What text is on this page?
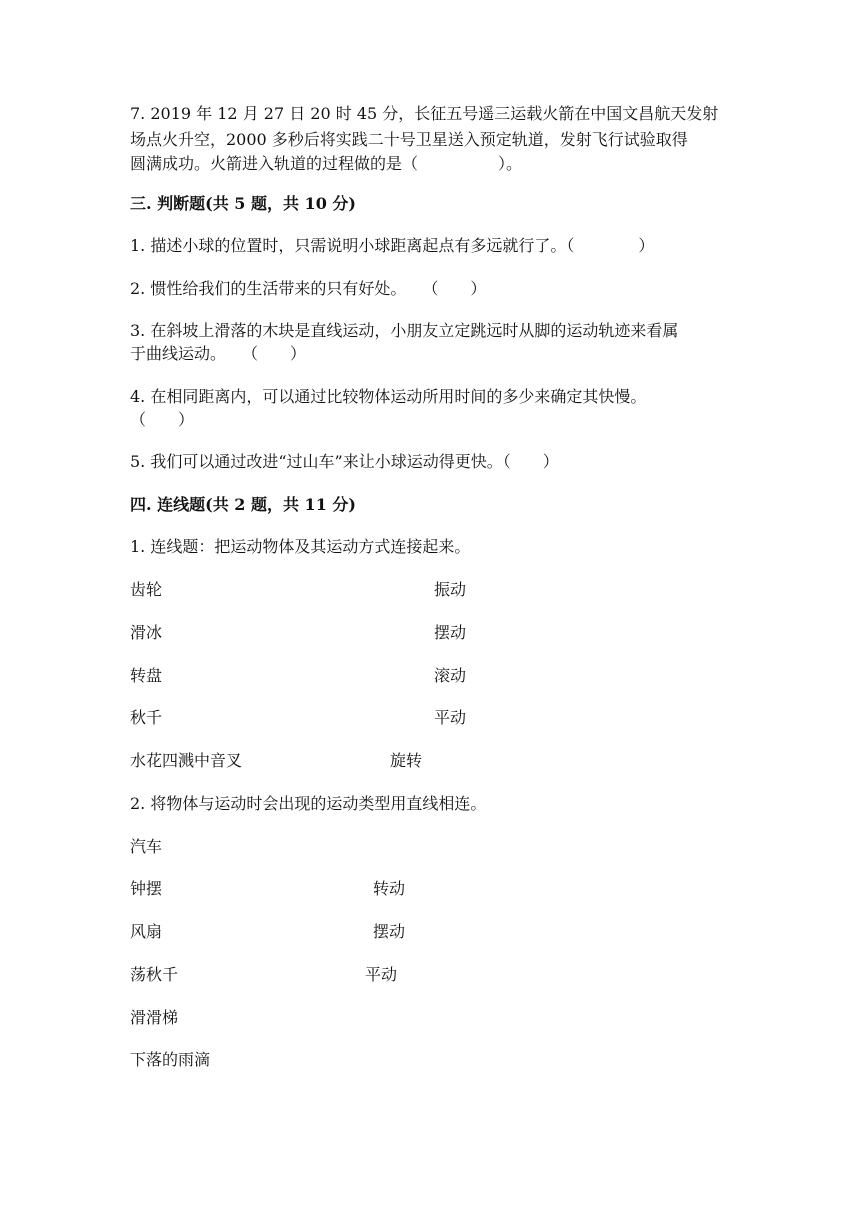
7. 2019 年 12 月 27 日 20 时 45 分，长征五号遥三运载火箭在中国文昌航天发射
场点火升空，2000 多秒后将实践二十号卫星送入预定轨道，发射飞行试验取得
圆满成功。火箭进入轨道的过程做的是（　　　　　）。
三. 判断题(共 5 题，共 10 分)
1. 描述小球的位置时，只需说明小球距离起点有多远就行了。（　　　　）
2. 惯性给我们的生活带来的只有好处。　　（　　）
3. 在斜坡上滑落的木块是直线运动，小朋友立定跳远时从脚的运动轨迹来看属
于曲线运动。　　（　　）
4. 在相同距离内，可以通过比较物体运动所用时间的多少来确定其快慢。
（　　）
5. 我们可以通过改进“过山车”来让小球运动得更快。（　　）
四. 连线题(共 2 题，共 11 分)
1. 连线题：把运动物体及其运动方式连接起来。
齿轮	振动
滑冰	摆动
转盘	滚动
秋千	平动
水花四溅中音叉	旋转
2. 将物体与运动时会出现的运动类型用直线相连。
汽车
钟摆	转动
风扇	摆动
荡秋千	平动
滑滑梯
下落的雨滴
